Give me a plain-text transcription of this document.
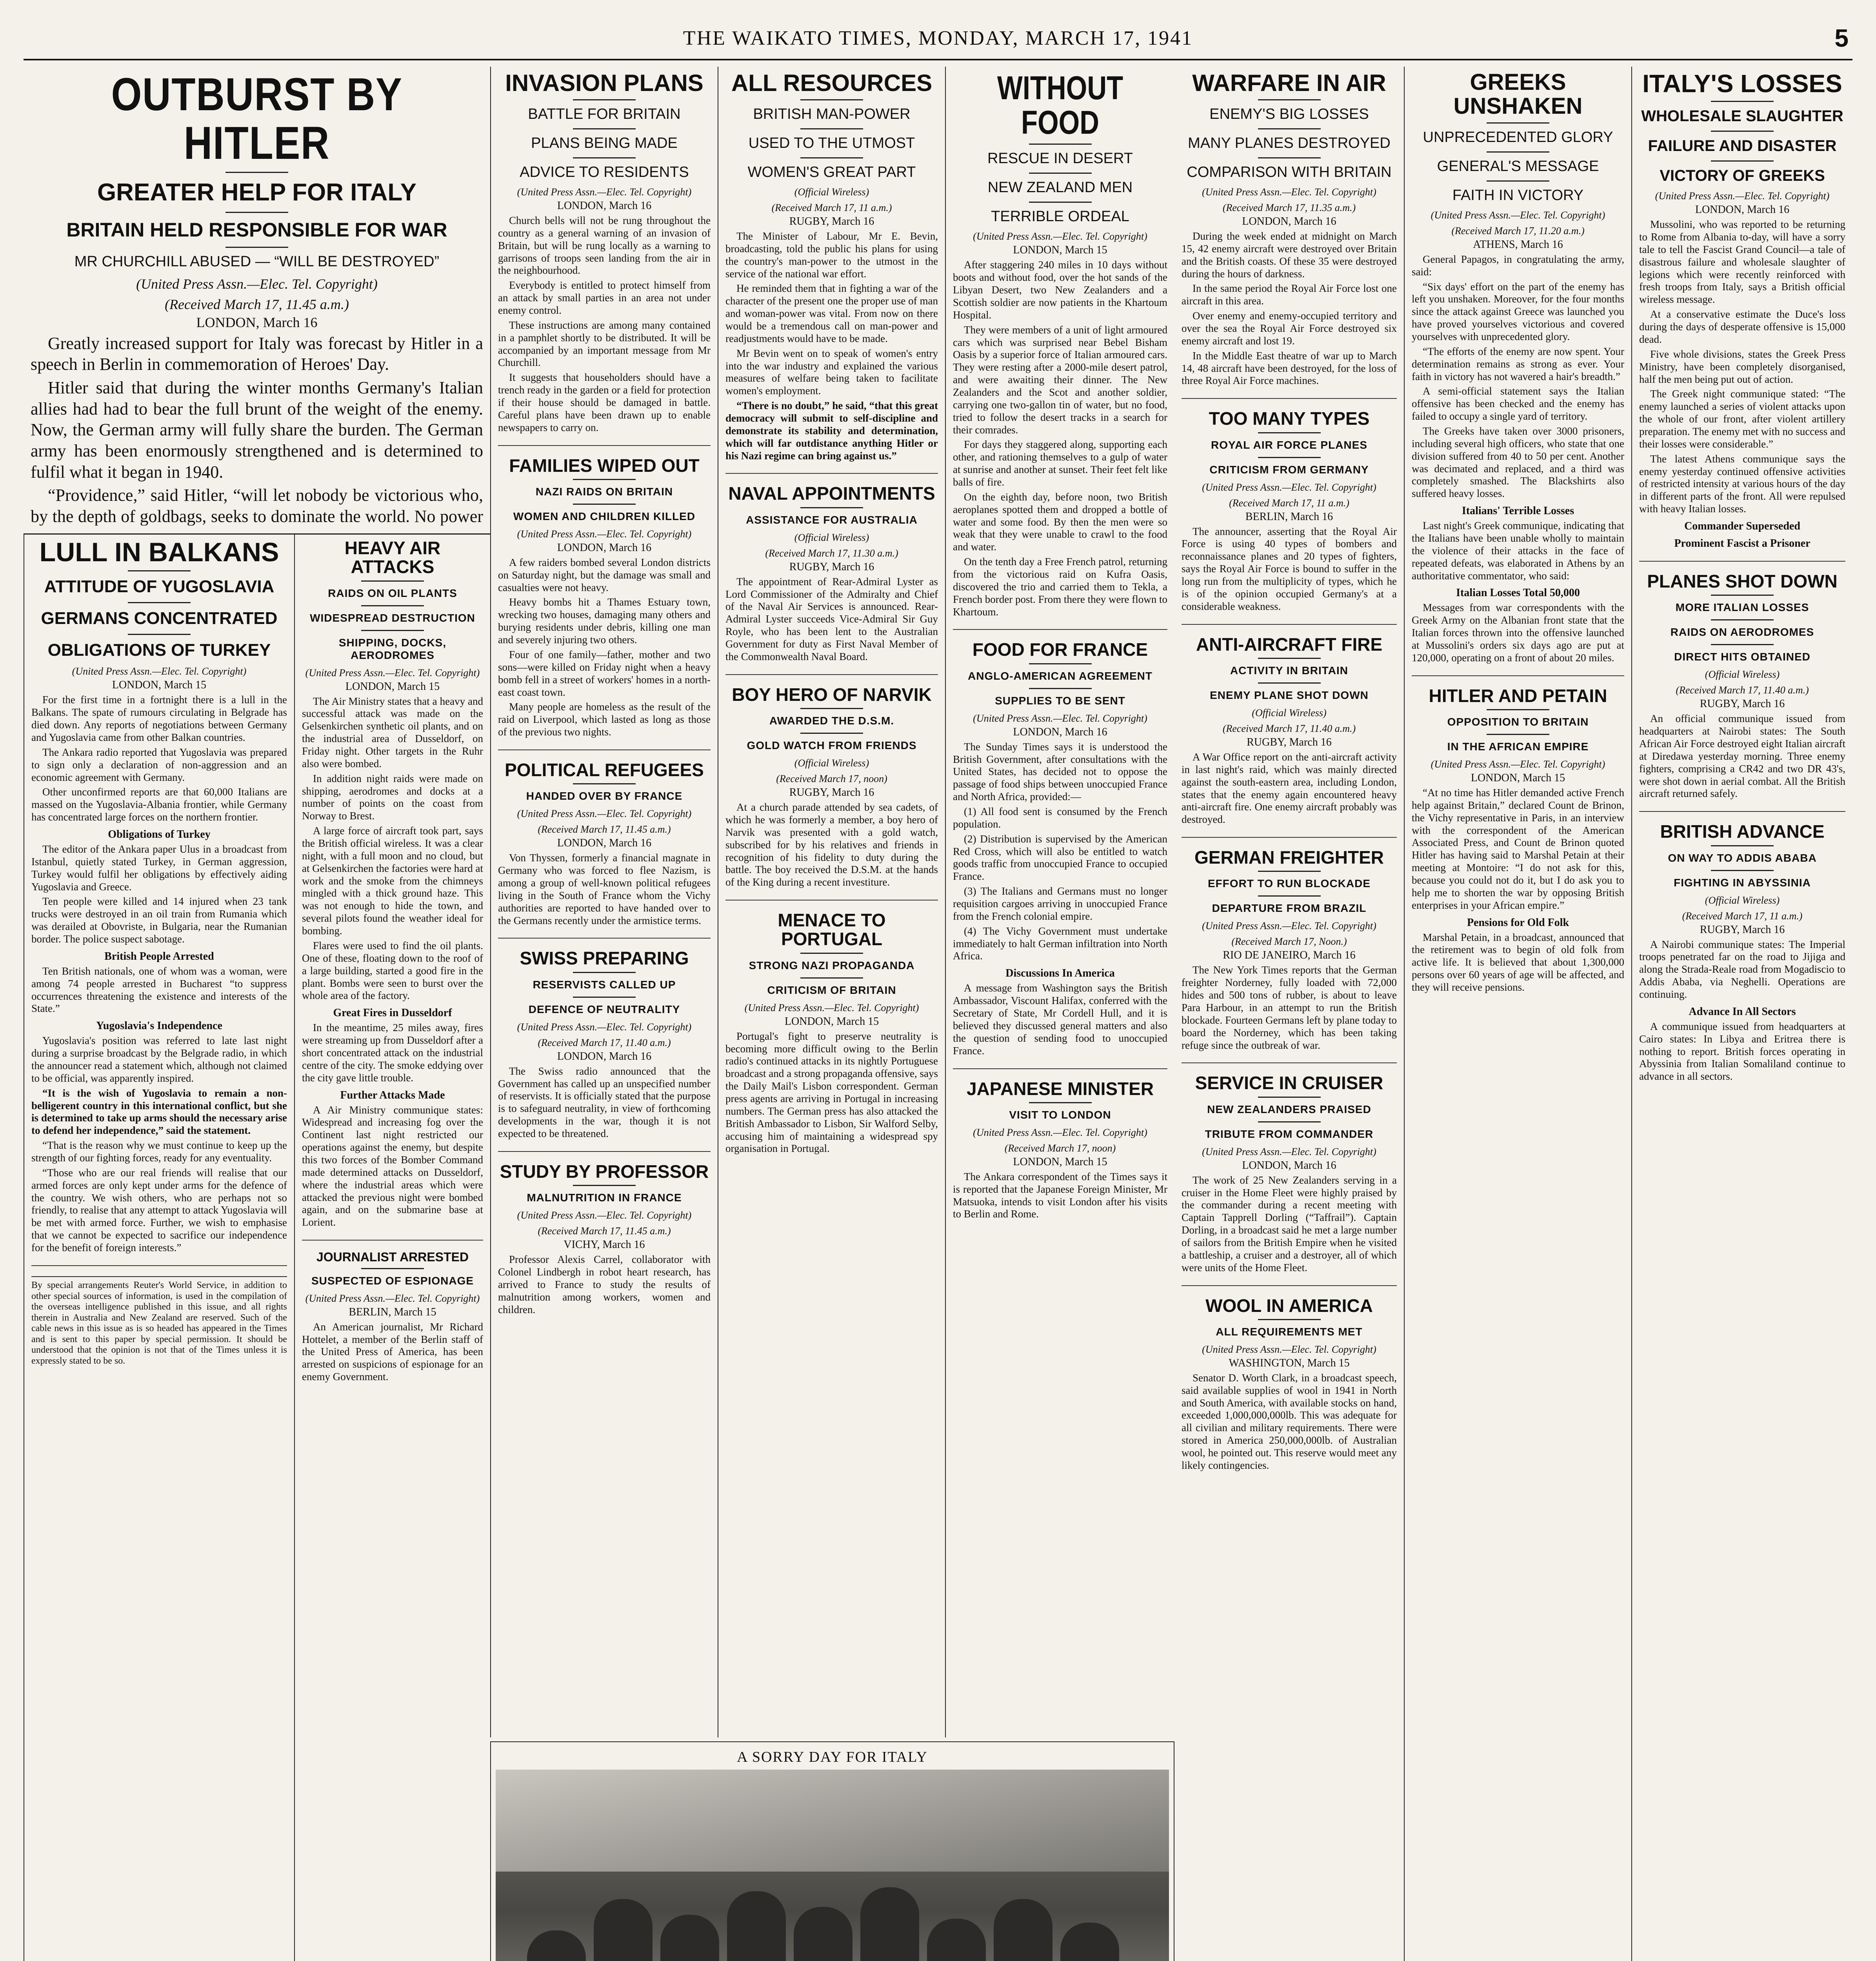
THE WAIKATO TIMES, MONDAY, MARCH 17, 1941	5
OUTBURST BY HITLER
GREATER HELP FOR ITALY
BRITAIN HELD RESPONSIBLE FOR WAR
MR CHURCHILL ABUSED — “WILL BE DESTROYED”
(United Press Assn.—Elec. Tel. Copyright)
(Received March 17, 11.45 a.m.)
LONDON, March 16

Greatly increased support for Italy was forecast by Hitler in a speech in Berlin in commemoration of Heroes' Day.

Hitler said that during the winter months Germany's Italian allies had had to bear the full brunt of the weight of the enemy. Now, the German army will fully share the burden. The German army has been enormously strengthened and is determined to fulfil what it began in 1940.

“Providence,” said Hitler, “will let nobody be victorious who, by the depth of goldbags, seeks to dominate the world. No power

LULL IN BALKANS
ATTITUDE OF YUGOSLAVIA
GERMANS CONCENTRATED
OBLIGATIONS OF TURKEY
(United Press Assn.—Elec. Tel. Copyright)
LONDON, March 15

For the first time in a fortnight there is a lull in the Balkans. The spate of rumours circulating in Belgrade has died down. Any reports of negotiations between Germany and Yugoslavia came from other Balkan countries.

The Ankara radio reported that Yugoslavia was prepared to sign only a declaration of non-aggression and an economic agreement with Germany.

Other unconfirmed reports are that 60,000 Italians are massed on the Yugoslavia-Albania frontier, while Germany has concentrated large forces on the northern frontier.

Obligations of Turkey

The editor of the Ankara paper Ulus in a broadcast from Istanbul, quietly stated Turkey, in German aggression, Turkey would fulfil her obligations by effectively aiding Yugoslavia and Greece.

Ten people were killed and 14 injured when 23 tank trucks were destroyed in an oil train from Rumania which was derailed at Obovriste, in Bulgaria, near the Rumanian border. The police suspect sabotage.

British People Arrested

Ten British nationals, one of whom was a woman, were among 74 people arrested in Bucharest “to suppress occurrences threatening the existence and interests of the State.”

Yugoslavia's Independence

Yugoslavia's position was referred to late last night during a surprise broadcast by the Belgrade radio, in which the announcer read a statement which, although not claimed to be official, was apparently inspired.

“It is the wish of Yugoslavia to remain a non-belligerent country in this international conflict, but she is determined to take up arms should the necessary arise to defend her independence,” said the statement.

“That is the reason why we must continue to keep up the strength of our fighting forces, ready for any eventuality.

“Those who are our real friends will realise that our armed forces are only kept under arms for the defence of the country. We wish others, who are perhaps not so friendly, to realise that any attempt to attack Yugoslavia will be met with armed force. Further, we wish to emphasise that we cannot be expected to sacrifice our independence for the benefit of foreign interests.”

By special arrangements Reuter's World Service, in addition to other special sources of information, is used in the compilation of the overseas intelligence published in this issue, and all rights therein in Australia and New Zealand are reserved. Such of the cable news in this issue as is so headed has appeared in the Times and is sent to this paper by special permission. It should be understood that the opinion is not that of the Times unless it is expressly stated to be so.
HEAVY AIR ATTACKS
RAIDS ON OIL PLANTS
WIDESPREAD DESTRUCTION
SHIPPING, DOCKS, AERODROMES
(United Press Assn.—Elec. Tel. Copyright)
LONDON, March 15

The Air Ministry states that a heavy and successful attack was made on the Gelsenkirchen synthetic oil plants, and on the industrial area of Dusseldorf, on Friday night. Other targets in the Ruhr also were bombed.

In addition night raids were made on shipping, aerodromes and docks at a number of points on the coast from Norway to Brest.

A large force of aircraft took part, says the British official wireless. It was a clear night, with a full moon and no cloud, but at Gelsenkirchen the factories were hard at work and the smoke from the chimneys mingled with a thick ground haze. This was not enough to hide the town, and several pilots found the weather ideal for bombing.

Flares were used to find the oil plants. One of these, floating down to the roof of a large building, started a good fire in the plant. Bombs were seen to burst over the whole area of the factory.

Great Fires in Dusseldorf

In the meantime, 25 miles away, fires were streaming up from Dusseldorf after a short concentrated attack on the industrial centre of the city. The smoke eddying over the city gave little trouble.

Further Attacks Made

A Air Ministry communique states: Widespread and increasing fog over the Continent last night restricted our operations against the enemy, but despite this two forces of the Bomber Command made determined attacks on Dusseldorf, where the industrial areas which were attacked the previous night were bombed again, and on the submarine base at Lorient.

JOURNALIST ARRESTED
SUSPECTED OF ESPIONAGE
(United Press Assn.—Elec. Tel. Copyright)
BERLIN, March 15

An American journalist, Mr Richard Hottelet, a member of the Berlin staff of the United Press of America, has been arrested on suspicions of espionage for an enemy Government.

INVASION PLANS
BATTLE FOR BRITAIN
PLANS BEING MADE
ADVICE TO RESIDENTS
(United Press Assn.—Elec. Tel. Copyright)
LONDON, March 16

Church bells will not be rung throughout the country as a general warning of an invasion of Britain, but will be rung locally as a warning to garrisons of troops seen landing from the air in the neighbourhood.

Everybody is entitled to protect himself from an attack by small parties in an area not under enemy control.

These instructions are among many contained in a pamphlet shortly to be distributed. It will be accompanied by an important message from Mr Churchill.

It suggests that householders should have a trench ready in the garden or a field for protection if their house should be damaged in battle. Careful plans have been drawn up to enable newspapers to carry on.

FAMILIES WIPED OUT
NAZI RAIDS ON BRITAIN
WOMEN AND CHILDREN KILLED
(United Press Assn.—Elec. Tel. Copyright)
LONDON, March 16

A few raiders bombed several London districts on Saturday night, but the damage was small and casualties were not heavy.

Heavy bombs hit a Thames Estuary town, wrecking two houses, damaging many others and burying residents under debris, killing one man and severely injuring two others.

Four of one family—father, mother and two sons—were killed on Friday night when a heavy bomb fell in a street of workers' homes in a north-east coast town.

Many people are homeless as the result of the raid on Liverpool, which lasted as long as those of the previous two nights.

POLITICAL REFUGEES
HANDED OVER BY FRANCE
(United Press Assn.—Elec. Tel. Copyright)
(Received March 17, 11.45 a.m.)
LONDON, March 16

Von Thyssen, formerly a financial magnate in Germany who was forced to flee Nazism, is among a group of well-known political refugees living in the South of France whom the Vichy authorities are reported to have handed over to the Germans recently under the armistice terms.

SWISS PREPARING
RESERVISTS CALLED UP
DEFENCE OF NEUTRALITY
(United Press Assn.—Elec. Tel. Copyright)
(Received March 17, 11.40 a.m.)
LONDON, March 16

The Swiss radio announced that the Government has called up an unspecified number of reservists. It is officially stated that the purpose is to safeguard neutrality, in view of forthcoming developments in the war, though it is not expected to be threatened.

STUDY BY PROFESSOR
MALNUTRITION IN FRANCE
(United Press Assn.—Elec. Tel. Copyright)
(Received March 17, 11.45 a.m.)
VICHY, March 16

Professor Alexis Carrel, collaborator with Colonel Lindbergh in robot heart research, has arrived to France to study the results of malnutrition among workers, women and children.

ALL RESOURCES
BRITISH MAN-POWER
USED TO THE UTMOST
WOMEN'S GREAT PART
(Official Wireless)
(Received March 17, 11 a.m.)
RUGBY, March 16

The Minister of Labour, Mr E. Bevin, broadcasting, told the public his plans for using the country's man-power to the utmost in the service of the national war effort.

He reminded them that in fighting a war of the character of the present one the proper use of man and woman-power was vital. From now on there would be a tremendous call on man-power and readjustments would have to be made.

Mr Bevin went on to speak of women's entry into the war industry and explained the various measures of welfare being taken to facilitate women's employment.

“There is no doubt,” he said, “that this great democracy will submit to self-discipline and demonstrate its stability and determination, which will far outdistance anything Hitler or his Nazi regime can bring against us.”

NAVAL APPOINTMENTS
ASSISTANCE FOR AUSTRALIA
(Official Wireless)
(Received March 17, 11.30 a.m.)
RUGBY, March 16

The appointment of Rear-Admiral Lyster as Lord Commissioner of the Admiralty and Chief of the Naval Air Services is announced. Rear-Admiral Lyster succeeds Vice-Admiral Sir Guy Royle, who has been lent to the Australian Government for duty as First Naval Member of the Commonwealth Naval Board.

BOY HERO OF NARVIK
AWARDED THE D.S.M.
GOLD WATCH FROM FRIENDS
(Official Wireless)
(Received March 17, noon)
RUGBY, March 16

At a church parade attended by sea cadets, of which he was formerly a member, a boy hero of Narvik was presented with a gold watch, subscribed for by his relatives and friends in recognition of his fidelity to duty during the battle. The boy received the D.S.M. at the hands of the King during a recent investiture.

MENACE TO PORTUGAL
STRONG NAZI PROPAGANDA
CRITICISM OF BRITAIN
(United Press Assn.—Elec. Tel. Copyright)
LONDON, March 15

Portugal's fight to preserve neutrality is becoming more difficult owing to the Berlin radio's continued attacks in its nightly Portuguese broadcast and a strong propaganda offensive, says the Daily Mail's Lisbon correspondent. German press agents are arriving in Portugal in increasing numbers. The German press has also attacked the British Ambassador to Lisbon, Sir Walford Selby, accusing him of maintaining a widespread spy organisation in Portugal.

WITHOUT FOOD
RESCUE IN DESERT
NEW ZEALAND MEN
TERRIBLE ORDEAL
(United Press Assn.—Elec. Tel. Copyright)
LONDON, March 15

After staggering 240 miles in 10 days without boots and without food, over the hot sands of the Libyan Desert, two New Zealanders and a Scottish soldier are now patients in the Khartoum Hospital.

They were members of a unit of light armoured cars which was surprised near Bebel Bisham Oasis by a superior force of Italian armoured cars. They were resting after a 2000-mile desert patrol, and were awaiting their dinner. The New Zealanders and the Scot and another soldier, carrying one two-gallon tin of water, but no food, tried to follow the desert tracks in a search for their comrades.

For days they staggered along, supporting each other, and rationing themselves to a gulp of water at sunrise and another at sunset. Their feet felt like balls of fire.

On the eighth day, before noon, two British aeroplanes spotted them and dropped a bottle of water and some food. By then the men were so weak that they were unable to crawl to the food and water.

On the tenth day a Free French patrol, returning from the victorious raid on Kufra Oasis, discovered the trio and carried them to Tekla, a French border post. From there they were flown to Khartoum.

FOOD FOR FRANCE
ANGLO-AMERICAN AGREEMENT
SUPPLIES TO BE SENT
(United Press Assn.—Elec. Tel. Copyright)
LONDON, March 16

The Sunday Times says it is understood the British Government, after consultations with the United States, has decided not to oppose the passage of food ships between unoccupied France and North Africa, provided:—

(1) All food sent is consumed by the French population.

(2) Distribution is supervised by the American Red Cross, which will also be entitled to watch goods traffic from unoccupied France to occupied France.

(3) The Italians and Germans must no longer requisition cargoes arriving in unoccupied France from the French colonial empire.

(4) The Vichy Government must undertake immediately to halt German infiltration into North Africa.

Discussions In America

A message from Washington says the British Ambassador, Viscount Halifax, conferred with the Secretary of State, Mr Cordell Hull, and it is believed they discussed general matters and also the question of sending food to unoccupied France.

JAPANESE MINISTER
VISIT TO LONDON
(United Press Assn.—Elec. Tel. Copyright)
(Received March 17, noon)
LONDON, March 15

The Ankara correspondent of the Times says it is reported that the Japanese Foreign Minister, Mr Matsuoka, intends to visit London after his visits to Berlin and Rome.

A SORRY DAY FOR ITALY
WARFARE IN AIR
ENEMY'S BIG LOSSES
MANY PLANES DESTROYED
COMPARISON WITH BRITAIN
(United Press Assn.—Elec. Tel. Copyright)
(Received March 17, 11.35 a.m.)
LONDON, March 16

During the week ended at midnight on March 15, 42 enemy aircraft were destroyed over Britain and the British coasts. Of these 35 were destroyed during the hours of darkness.

In the same period the Royal Air Force lost one aircraft in this area.

Over enemy and enemy-occupied territory and over the sea the Royal Air Force destroyed six enemy aircraft and lost 19.

In the Middle East theatre of war up to March 14, 48 aircraft have been destroyed, for the loss of three Royal Air Force machines.

TOO MANY TYPES
ROYAL AIR FORCE PLANES
CRITICISM FROM GERMANY
(United Press Assn.—Elec. Tel. Copyright)
(Received March 17, 11 a.m.)
BERLIN, March 16

The announcer, asserting that the Royal Air Force is using 40 types of bombers and reconnaissance planes and 20 types of fighters, says the Royal Air Force is bound to suffer in the long run from the multiplicity of types, which he is of the opinion occupied Germany's at a considerable weakness.

ANTI-AIRCRAFT FIRE
ACTIVITY IN BRITAIN
ENEMY PLANE SHOT DOWN
(Official Wireless)
(Received March 17, 11.40 a.m.)
RUGBY, March 16

A War Office report on the anti-aircraft activity in last night's raid, which was mainly directed against the south-eastern area, including London, states that the enemy again encountered heavy anti-aircraft fire. One enemy aircraft probably was destroyed.

GERMAN FREIGHTER
EFFORT TO RUN BLOCKADE
DEPARTURE FROM BRAZIL
(United Press Assn.—Elec. Tel. Copyright)
(Received March 17, Noon.)
RIO DE JANEIRO, March 16

The New York Times reports that the German freighter Norderney, fully loaded with 72,000 hides and 500 tons of rubber, is about to leave Para Harbour, in an attempt to run the British blockade. Fourteen Germans left by plane today to board the Norderney, which has been taking refuge since the outbreak of war.

SERVICE IN CRUISER
NEW ZEALANDERS PRAISED
TRIBUTE FROM COMMANDER
(United Press Assn.—Elec. Tel. Copyright)
LONDON, March 16

The work of 25 New Zealanders serving in a cruiser in the Home Fleet were highly praised by the commander during a recent meeting with Captain Tapprell Dorling (“Taffrail”). Captain Dorling, in a broadcast said he met a large number of sailors from the British Empire when he visited a battleship, a cruiser and a destroyer, all of which were units of the Home Fleet.

WOOL IN AMERICA
ALL REQUIREMENTS MET
(United Press Assn.—Elec. Tel. Copyright)
WASHINGTON, March 15

Senator D. Worth Clark, in a broadcast speech, said available supplies of wool in 1941 in North and South America, with available stocks on hand, exceeded 1,000,000,000lb. This was adequate for all civilian and military requirements. There were stored in America 250,000,000lb. of Australian wool, he pointed out. This reserve would meet any likely contingencies.

GREEKS UNSHAKEN
UNPRECEDENTED GLORY
GENERAL'S MESSAGE
FAITH IN VICTORY
(United Press Assn.—Elec. Tel. Copyright)
(Received March 17, 11.20 a.m.)
ATHENS, March 16

General Papagos, in congratulating the army, said:

“Six days' effort on the part of the enemy has left you unshaken. Moreover, for the four months since the attack against Greece was launched you have proved yourselves victorious and covered yourselves with unprecedented glory.

“The efforts of the enemy are now spent. Your determination remains as strong as ever. Your faith in victory has not wavered a hair's breadth.”

A semi-official statement says the Italian offensive has been checked and the enemy has failed to occupy a single yard of territory.

The Greeks have taken over 3000 prisoners, including several high officers, who state that one division suffered from 40 to 50 per cent. Another was decimated and replaced, and a third was completely smashed. The Blackshirts also suffered heavy losses.

Italians' Terrible Losses

Last night's Greek communique, indicating that the Italians have been unable wholly to maintain the violence of their attacks in the face of repeated defeats, was elaborated in Athens by an authoritative commentator, who said:

Italian Losses Total 50,000

Messages from war correspondents with the Greek Army on the Albanian front state that the Italian forces thrown into the offensive launched at Mussolini's orders six days ago are put at 120,000, operating on a front of about 20 miles.

HITLER AND PETAIN
OPPOSITION TO BRITAIN
IN THE AFRICAN EMPIRE
(United Press Assn.—Elec. Tel. Copyright)
LONDON, March 15

“At no time has Hitler demanded active French help against Britain,” declared Count de Brinon, the Vichy representative in Paris, in an interview with the correspondent of the American Associated Press, and Count de Brinon quoted Hitler has having said to Marshal Petain at their meeting at Montoire: “I do not ask for this, because you could not do it, but I do ask you to help me to shorten the war by opposing British enterprises in your African empire.”

Pensions for Old Folk

Marshal Petain, in a broadcast, announced that the retirement was to begin of old folk from active life. It is believed that about 1,300,000 persons over 60 years of age will be affected, and they will receive pensions.

ITALY'S LOSSES
WHOLESALE SLAUGHTER
FAILURE AND DISASTER
VICTORY OF GREEKS
(United Press Assn.—Elec. Tel. Copyright)
LONDON, March 16

Mussolini, who was reported to be returning to Rome from Albania to-day, will have a sorry tale to tell the Fascist Grand Council—a tale of disastrous failure and wholesale slaughter of legions which were recently reinforced with fresh troops from Italy, says a British official wireless message.

At a conservative estimate the Duce's loss during the days of desperate offensive is 15,000 dead.

Five whole divisions, states the Greek Press Ministry, have been completely disorganised, half the men being put out of action.

The Greek night communique stated: “The enemy launched a series of violent attacks upon the whole of our front, after violent artillery preparation. The enemy met with no success and their losses were considerable.”

The latest Athens communique says the enemy yesterday continued offensive activities of restricted intensity at various hours of the day in different parts of the front. All were repulsed with heavy Italian losses.

Commander Superseded
Prominent Fascist a Prisoner
PLANES SHOT DOWN
MORE ITALIAN LOSSES
RAIDS ON AERODROMES
DIRECT HITS OBTAINED
(Official Wireless)
(Received March 17, 11.40 a.m.)
RUGBY, March 16

An official communique issued from headquarters at Nairobi states: The South African Air Force destroyed eight Italian aircraft at Diredawa yesterday morning. Three enemy fighters, comprising a CR42 and two DR 43's, were shot down in aerial combat. All the British aircraft returned safely.

BRITISH ADVANCE
ON WAY TO ADDIS ABABA
FIGHTING IN ABYSSINIA
(Official Wireless)
(Received March 17, 11 a.m.)
RUGBY, March 16

A Nairobi communique states: The Imperial troops penetrated far on the road to Jijiga and along the Strada-Reale road from Mogadiscio to Addis Ababa, via Neghelli. Operations are continuing.

Advance In All Sectors

A communique issued from headquarters at Cairo states: In Libya and Eritrea there is nothing to report. British forces operating in Abyssinia from Italian Somaliland continue to advance in all sectors.
